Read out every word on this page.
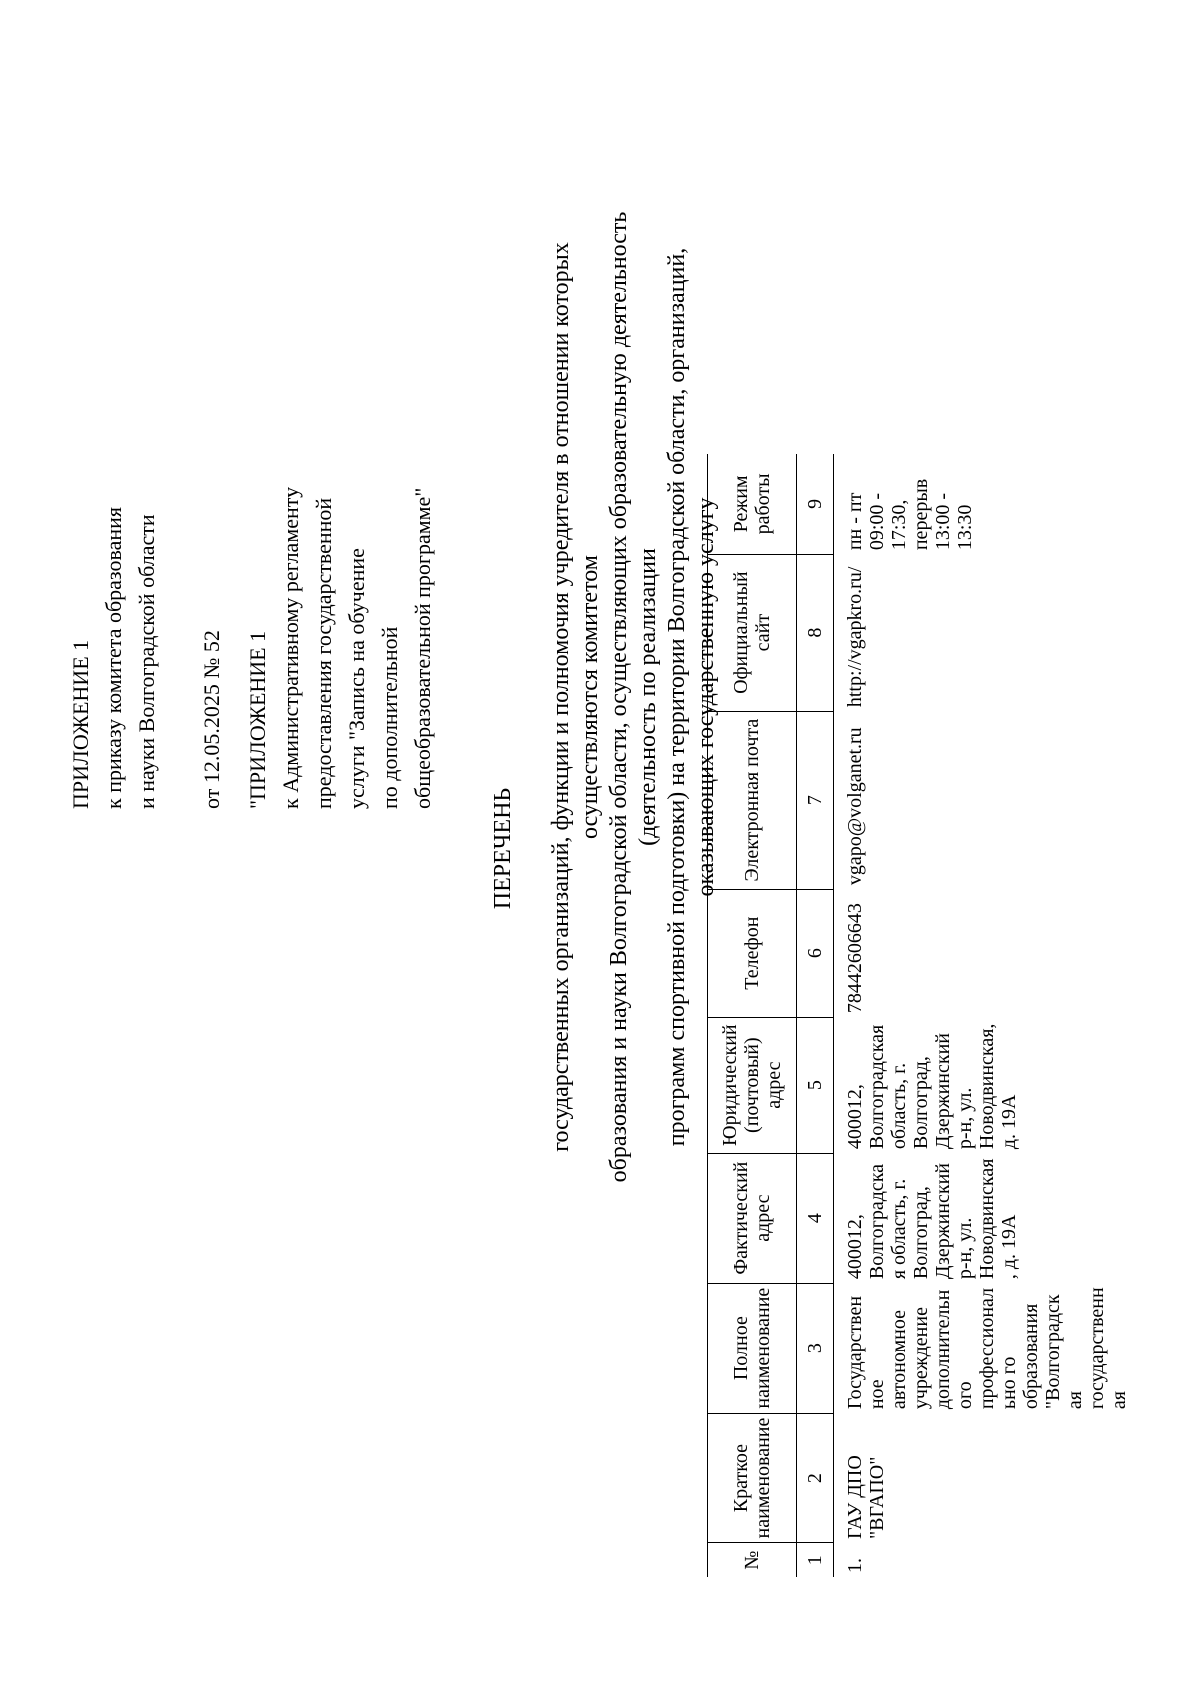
ПРИЛОЖЕНИЕ 1 к приказу комитета образования и науки Волгоградской области от 12.05.2025 № 52 "ПРИЛОЖЕНИЕ 1 к Административному регламенту предоставления государственной услуги "Запись на обучение по дополнительной общеобразовательной программе"
ПЕРЕЧЕНЬ государственных организаций, функции и полномочия учредителя в отношении которых осуществляются комитетом образования и науки Волгоградской области, осуществляющих образовательную деятельность (деятельность по реализации программ спортивной подготовки) на территории Волгоградской области, организаций, оказывающих государственную услугу
№	Краткое наименование	Полное наименование	Фактический адрес	Юридический (почтовый) адрес	Телефон	Электронная почта	Официальный сайт	Режим работы
1	2	3	4	5	6	7	8	9
1.	ГАУ ДПО "ВГАПО"	Государственное автономное учреждение дополнительного профессионально го образования "Волгоградская государственная	400012, Волгоградская область, г. Волгоград, Дзержинский р-н, ул. Новодвинская, д. 19А	400012, Волгоградская область, г. Волгоград, Дзержинский р-н, ул. Новодвинская, д. 19А	78442606643	vgapo@volganet.ru	http://vgapkro.ru/	пн - пт 09:00 - 17:30, перерыв 13:00 - 13:30
